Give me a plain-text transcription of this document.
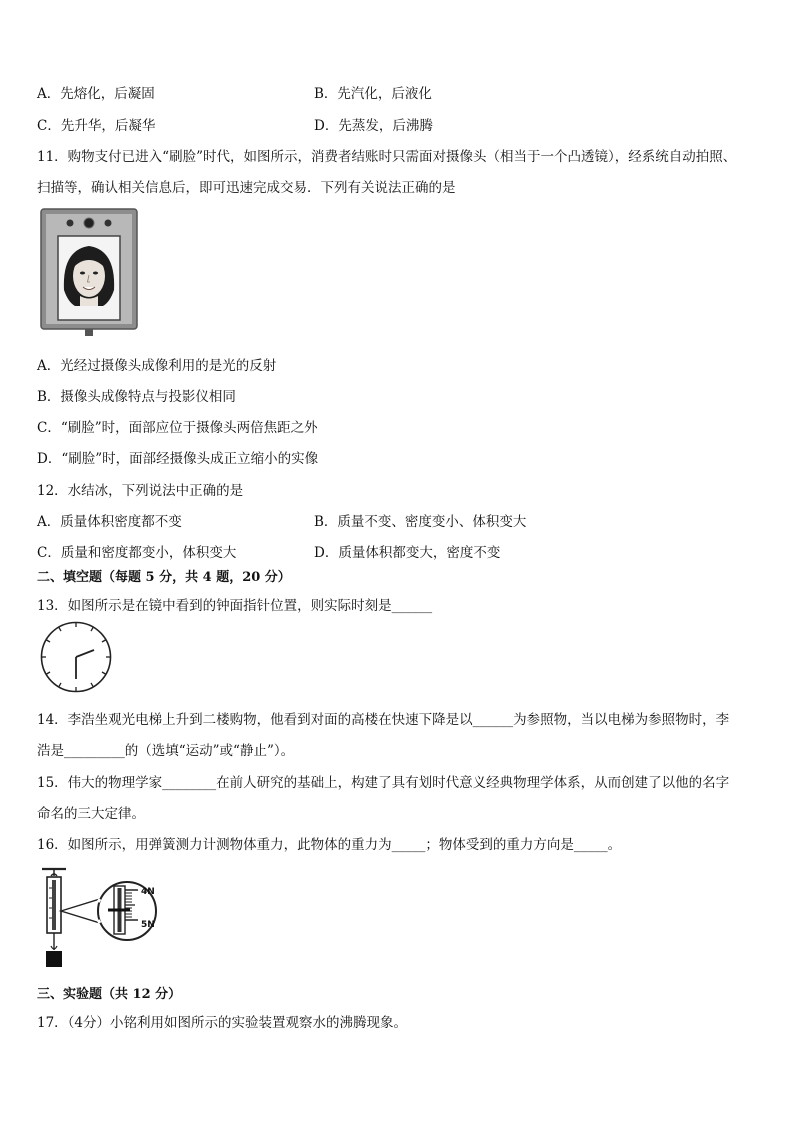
A．先熔化，后凝固	B．先汽化，后液化
C．先升华，后凝华	D．先蒸发，后沸腾
11．购物支付已进入“刷脸”时代，如图所示，消费者结账时只需面对摄像头（相当于一个凸透镜），经系统自动拍照、
扫描等，确认相关信息后，即可迅速完成交易．下列有关说法正确的是
A．光经过摄像头成像利用的是光的反射
B．摄像头成像特点与投影仪相同
C．“刷脸”时，面部应位于摄像头两倍焦距之外
D．“刷脸”时，面部经摄像头成正立缩小的实像
12．水结冰，下列说法中正确的是
A．质量体积密度都不变	B．质量不变、密度变小、体积变大
C．质量和密度都变小，体积变大	D．质量体积都变大，密度不变
二、填空题（每题 5 分，共 4 题，20 分）
13．如图所示是在镜中看到的钟面指针位置，则实际时刻是______
14．李浩坐观光电梯上升到二楼购物，他看到对面的高楼在快速下降是以______为参照物，当以电梯为参照物时，李
浩是_________的（选填“运动”或“静止”）。
15．伟大的物理学家________在前人研究的基础上，构建了具有划时代意义经典物理学体系，从而创建了以他的名字
命名的三大定律。
16．如图所示，用弹簧测力计测物体重力，此物体的重力为_____；物体受到的重力方向是_____。
4N
5N
三、实验题（共 12 分）
17．（4分）小铭利用如图所示的实验装置观察水的沸腾现象。
